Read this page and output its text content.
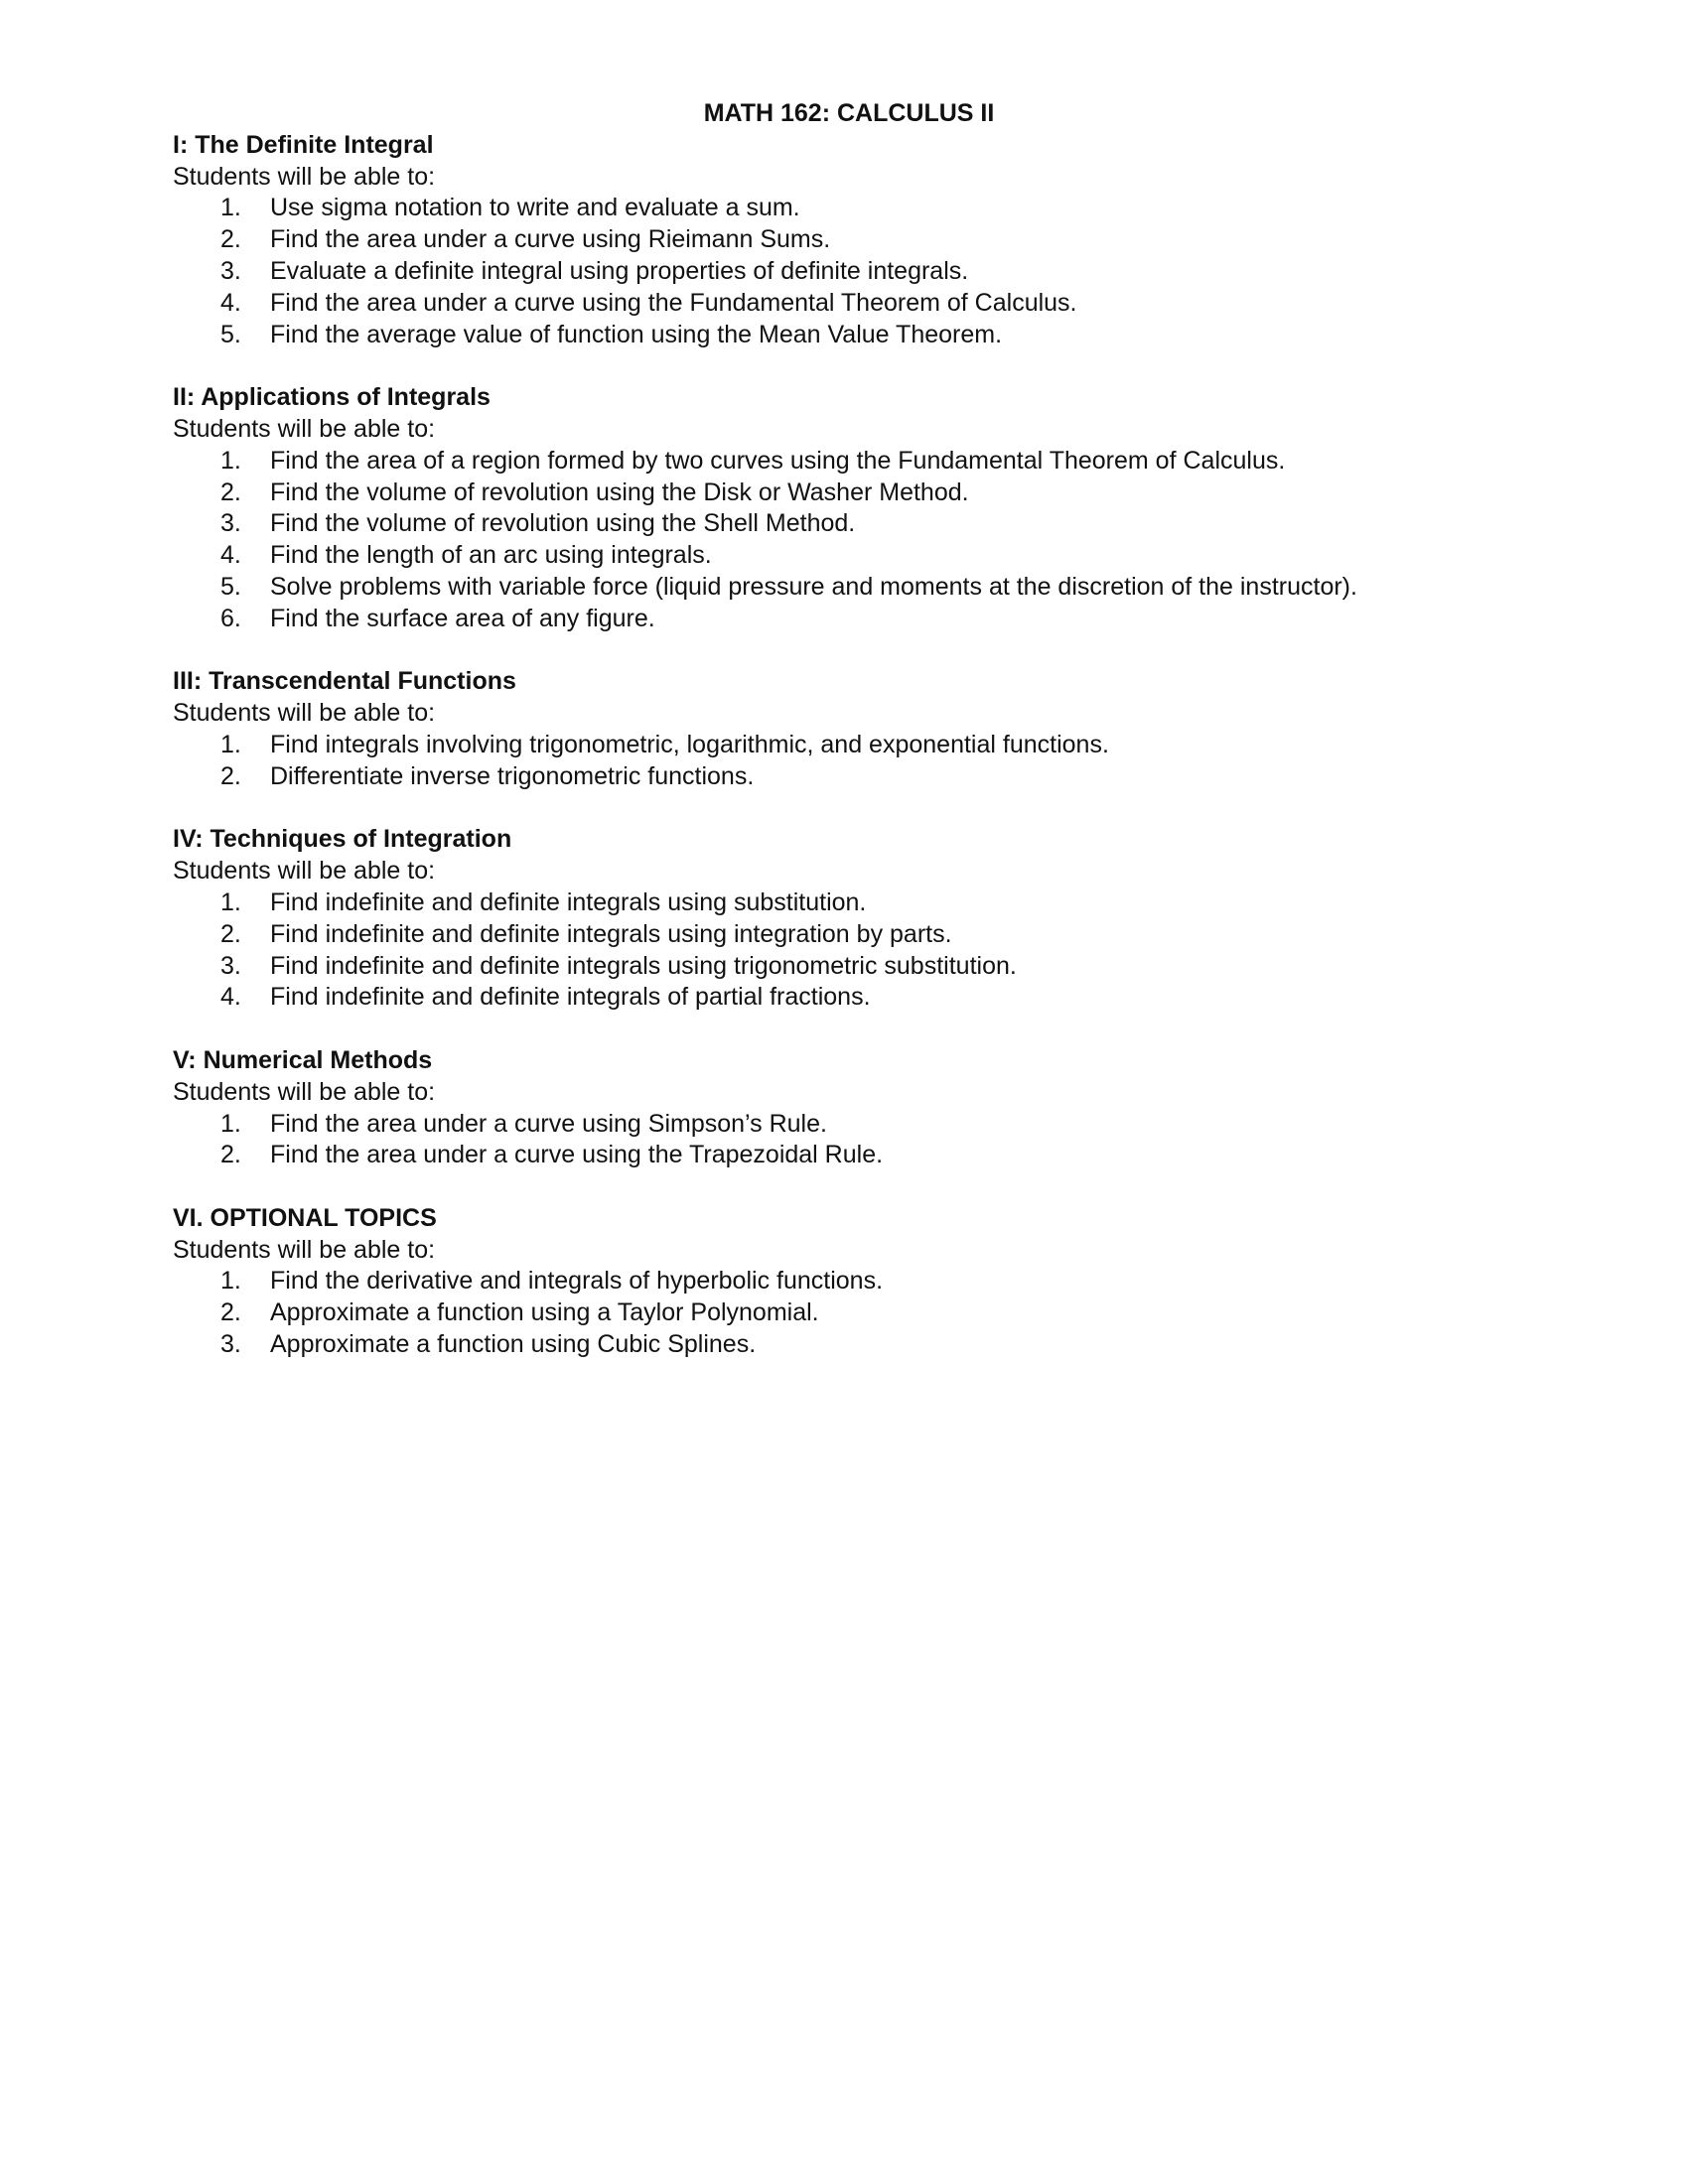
MATH 162: CALCULUS II
I: The Definite Integral
Students will be able to:
1.	Use sigma notation to write and evaluate a sum.
2.	Find the area under a curve using Rieimann Sums.
3.	Evaluate a definite integral using properties of definite integrals.
4.	Find the area under a curve using the Fundamental Theorem of Calculus.
5.	Find the average value of function using the Mean Value Theorem.
II: Applications of Integrals
Students will be able to:
1.	Find the area of a region formed by two curves using the Fundamental Theorem of Calculus.
2.	Find the volume of revolution using the Disk or Washer Method.
3.	Find the volume of revolution using the Shell Method.
4.	Find the length of an arc using integrals.
5.	Solve problems with variable force (liquid pressure and moments at the discretion of the instructor).
6.	Find the surface area of any figure.
III: Transcendental Functions
Students will be able to:
1.	Find integrals involving trigonometric, logarithmic, and exponential functions.
2.	Differentiate inverse trigonometric functions.
IV: Techniques of Integration
Students will be able to:
1.	Find indefinite and definite integrals using substitution.
2.	Find indefinite and definite integrals using integration by parts.
3.	Find indefinite and definite integrals using trigonometric substitution.
4.	Find indefinite and definite integrals of partial fractions.
V: Numerical Methods
Students will be able to:
1.	Find the area under a curve using Simpson’s Rule.
2.	Find the area under a curve using the Trapezoidal Rule.
VI. OPTIONAL TOPICS
Students will be able to:
1.	Find the derivative and integrals of hyperbolic functions.
2.	Approximate a function using a Taylor Polynomial.
3.	Approximate a function using Cubic Splines.
